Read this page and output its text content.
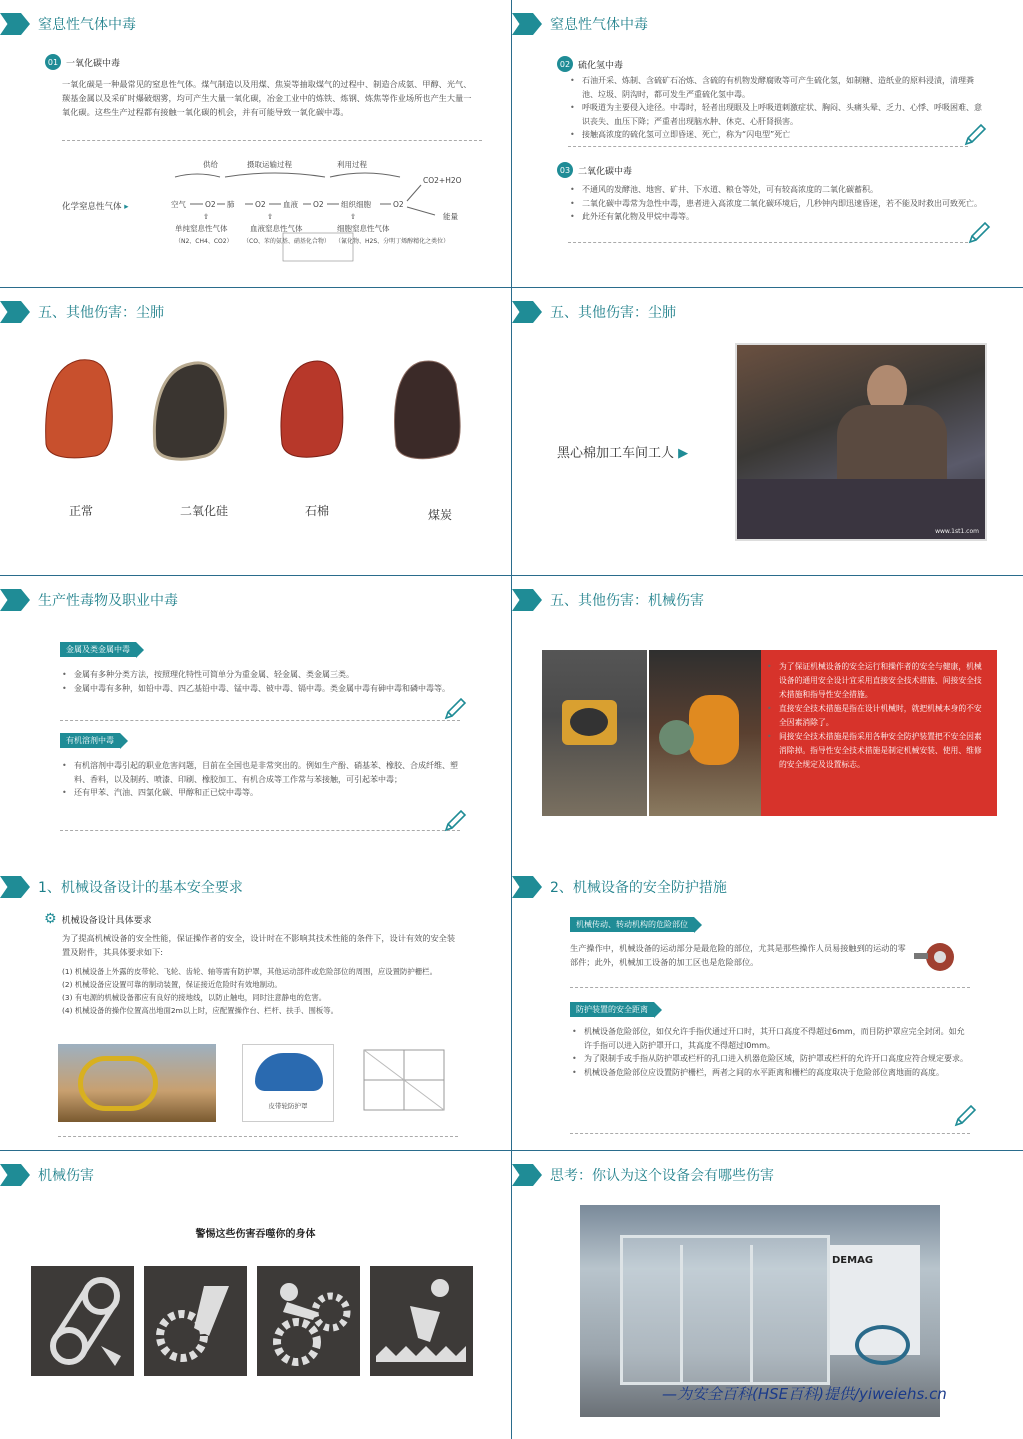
窒息性气体中毒
01 一氧化碳中毒
一氧化碳是一种最常见的窒息性气体。煤气制造以及用煤、焦炭等抽取煤气的过程中、制造合成氨、甲醇、光气、羰基金属以及采矿时爆破烟雾，均可产生大量一氧化碳，冶金工业中的炼铁、炼钢、炼焦等作业场所也产生大量一氧化碳。这些生产过程都有接触一氧化碳的机会，并有可能导致一氧化碳中毒。
化学窒息性气体 ▸
供给	摄取运输过程	利用过程
空气	O2 肺	O2 血液 O2 组织细胞	O2
CO2+H2O
能量
⇧	⇧	⇧
单纯窒息性气体	血液窒息性气体	细胞窒息性气体
（N2、CH4、CO2） （CO、苯的氨基、硝基化合物） （氰化物、H2S、分明丁烯醇精化之类位）
窒息性气体中毒
02 硫化氢中毒
• 石油开采、炼制、含硫矿石冶炼、含硫的有机物发酵腐败等可产生硫化氢，如制糖、造纸业的原料浸渍，清理粪池、垃圾、阴沟时，都可发生严重硫化氢中毒。
• 呼吸道为主要侵入途径。中毒时，轻者出现眼及上呼吸道刺激症状、胸闷、头痛头晕、乏力、心悸、呼吸困难、意识丧失、血压下降；严重者出现脑水肿、休克、心肝肾损害。
• 接触高浓度的硫化氢可立即昏迷、死亡，称为“闪电型”死亡
03 二氧化碳中毒
• 不通风的发酵池、地窖、矿井、下水道、粮仓等处，可有较高浓度的二氧化碳蓄积。
• 二氧化碳中毒常为急性中毒，患者进入高浓度二氧化碳环境后，几秒钟内即迅速昏迷，若不能及时救出可致死亡。
• 此外还有氰化物及甲烷中毒等。
五、其他伤害：尘肺
正常	二氧化硅	石棉	煤炭
五、其他伤害：尘肺
黑心棉加工车间工人 ▶
www.1st1.com
生产性毒物及职业中毒
金属及类金属中毒
• 金属有多种分类方法，按照理化特性可简单分为重金属、轻金属、类金属三类。
• 金属中毒有多种，如铅中毒、四乙基铅中毒、锰中毒、铍中毒、镉中毒。类金属中毒有砷中毒和磷中毒等。
有机溶剂中毒
• 有机溶剂中毒引起的职业危害问题，目前在全国也是非常突出的。例如生产酚、硝基苯、橡胶、合成纤维、塑料、香料，以及制药、喷漆、印刷、橡胶加工、有机合成等工作常与苯接触，可引起苯中毒；
• 还有甲苯、汽油、四氯化碳、甲醇和正已烷中毒等。
五、其他伤害：机械伤害
• 为了保证机械设备的安全运行和操作者的安全与健康，机械设备的通用安全设计宜采用直接安全技术措施、间接安全技术措施和指导性安全措施。
• 直接安全技术措施是指在设计机械时，就把机械本身的不安全因素消除了。
• 间接安全技术措施是指采用各种安全防护装置把不安全因素消除掉。指导性安全技术措施是制定机械安装、使用、维修的安全规定及设置标志。
1、机械设备设计的基本安全要求
⚙ 机械设备设计具体要求
为了提高机械设备的安全性能，保证操作者的安全，设计时在不影响其技术性能的条件下，设计有效的安全装置及附件，其具体要求如下:
(1) 机械设备上外露的皮带轮、飞轮、齿轮、轴等需有防护罩，其他运动部件或危险部位的周围，应设置防护栅栏。
(2) 机械设备应设置可靠的制动装置，保证接近危险时有效地制动。
(3) 有电源的机械设备都应有良好的接地线，以防止触电，同时注意静电的危害。
(4) 机械设备的操作位置高出地面2m以上时，应配置操作台、栏杆、扶手、围板等。
皮带轮防护罩
2、机械设备的安全防护措施
机械传动、转动机构的危险部位
生产操作中，机械设备的运动部分是最危险的部位，尤其是那些操作人员易接触到的运动的零部件；此外，机械加工设备的加工区也是危险部位。
防护装置的安全距离
• 机械设备危险部位，如仅允许手指伏通过开口时，其开口高度不得超过6mm，而目防护罩应完全封闭。如允许手指可以进入防护罩开口，其高度不得超过l0mm。
• 为了限制手或手指从防护罩或栏杆的孔口进入机器危险区域，防护罩或栏杆的允许开口高度应符合规定要求。
• 机械设备危险部位应设置防护栅栏，两者之间的水平距离和栅栏的高度取决于危险部位离地面的高度。
机械伤害
警惕这些伤害吞噬你的身体
思考：你认为这个设备会有哪些伤害
DEMAG
—为安全百科(HSE百科)提供/yiweiehs.cn
